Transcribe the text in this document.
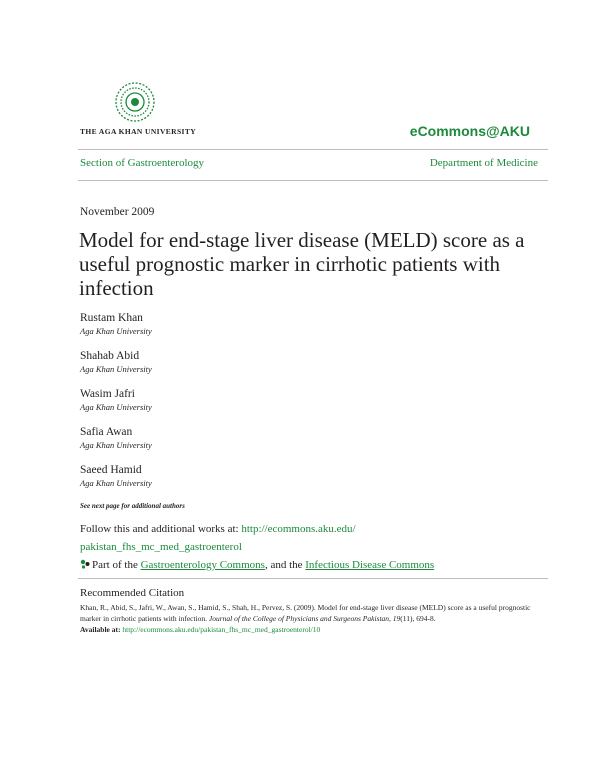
THE AGA KHAN UNIVERSITY	eCommons@AKU
Section of Gastroenterology	Department of Medicine
November 2009
Model for end-stage liver disease (MELD) score as a useful prognostic marker in cirrhotic patients with infection
Rustam Khan
Aga Khan University
Shahab Abid
Aga Khan University
Wasim Jafri
Aga Khan University
Safia Awan
Aga Khan University
Saeed Hamid
Aga Khan University
See next page for additional authors
Follow this and additional works at: http://ecommons.aku.edu/
pakistan_fhs_mc_med_gastroenterol
Part of the Gastroenterology Commons, and the Infectious Disease Commons
Recommended Citation
Khan, R., Abid, S., Jafri, W., Awan, S., Hamid, S., Shah, H., Pervez, S. (2009). Model for end-stage liver disease (MELD) score as a useful prognostic marker in cirrhotic patients with infection. Journal of the College of Physicians and Surgeons Pakistan, 19(11), 694-8.
Available at: http://ecommons.aku.edu/pakistan_fhs_mc_med_gastroenterol/10
